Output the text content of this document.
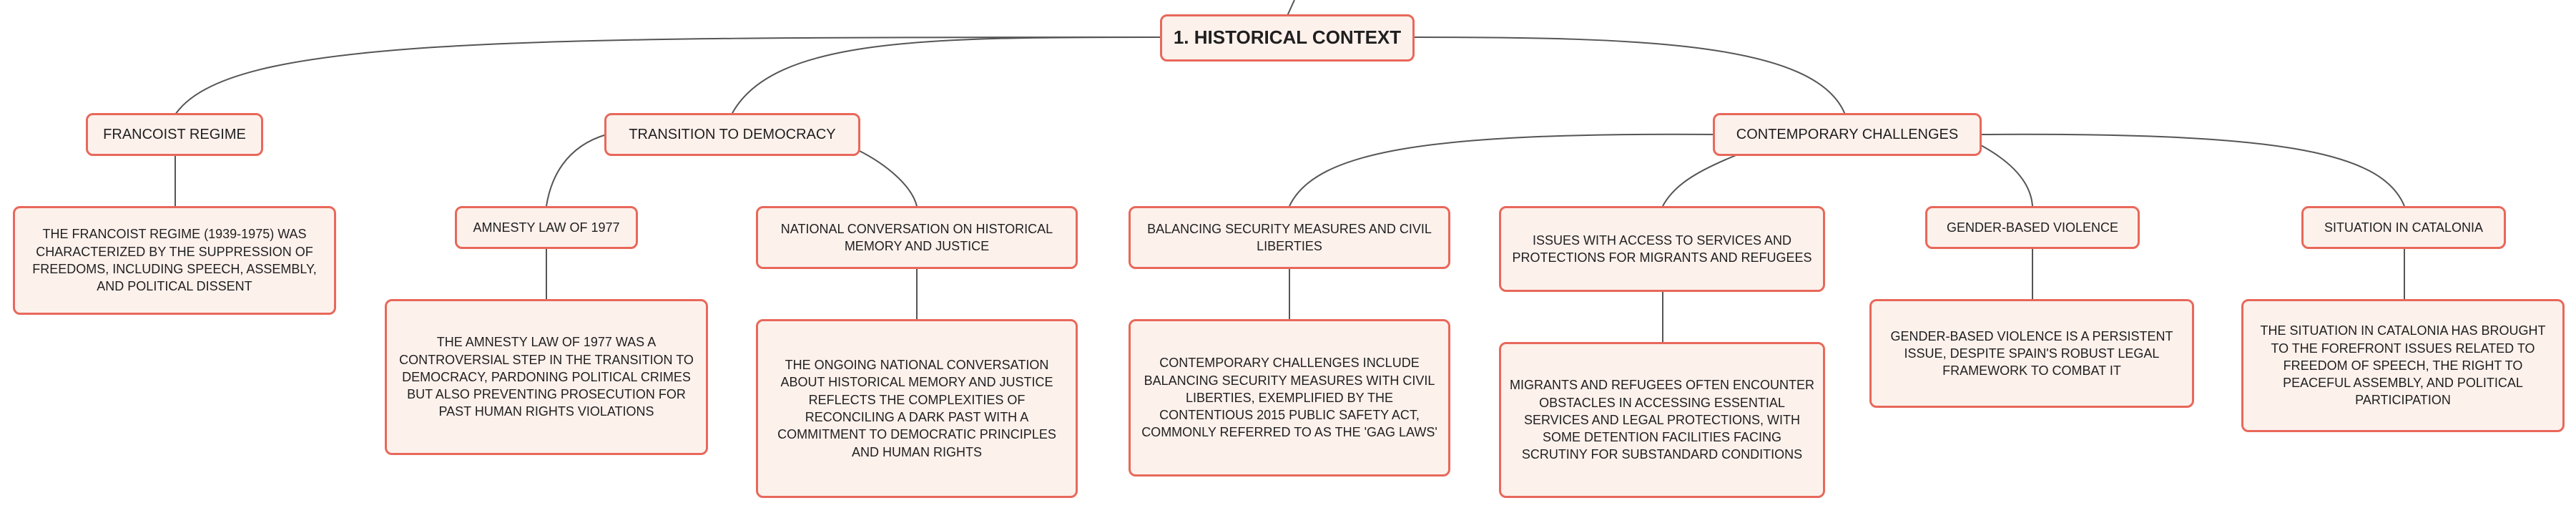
1. HISTORICAL CONTEXT
FRANCOIST REGIME
THE FRANCOIST REGIME (1939-1975) WAS CHARACTERIZED BY THE SUPPRESSION OF FREEDOMS, INCLUDING SPEECH, ASSEMBLY, AND POLITICAL DISSENT
TRANSITION TO DEMOCRACY
AMNESTY LAW OF 1977
THE AMNESTY LAW OF 1977 WAS A CONTROVERSIAL STEP IN THE TRANSITION TO DEMOCRACY, PARDONING POLITICAL CRIMES BUT ALSO PREVENTING PROSECUTION FOR PAST HUMAN RIGHTS VIOLATIONS
NATIONAL CONVERSATION ON HISTORICAL MEMORY AND JUSTICE
THE ONGOING NATIONAL CONVERSATION ABOUT HISTORICAL MEMORY AND JUSTICE REFLECTS THE COMPLEXITIES OF RECONCILING A DARK PAST WITH A COMMITMENT TO DEMOCRATIC PRINCIPLES AND HUMAN RIGHTS
CONTEMPORARY CHALLENGES
BALANCING SECURITY MEASURES AND CIVIL LIBERTIES
CONTEMPORARY CHALLENGES INCLUDE BALANCING SECURITY MEASURES WITH CIVIL LIBERTIES, EXEMPLIFIED BY THE CONTENTIOUS 2015 PUBLIC SAFETY ACT, COMMONLY REFERRED TO AS THE 'GAG LAWS'
ISSUES WITH ACCESS TO SERVICES AND PROTECTIONS FOR MIGRANTS AND REFUGEES
MIGRANTS AND REFUGEES OFTEN ENCOUNTER OBSTACLES IN ACCESSING ESSENTIAL SERVICES AND LEGAL PROTECTIONS, WITH SOME DETENTION FACILITIES FACING SCRUTINY FOR SUBSTANDARD CONDITIONS
GENDER-BASED VIOLENCE
GENDER-BASED VIOLENCE IS A PERSISTENT ISSUE, DESPITE SPAIN'S ROBUST LEGAL FRAMEWORK TO COMBAT IT
SITUATION IN CATALONIA
THE SITUATION IN CATALONIA HAS BROUGHT TO THE FOREFRONT ISSUES RELATED TO FREEDOM OF SPEECH, THE RIGHT TO PEACEFUL ASSEMBLY, AND POLITICAL PARTICIPATION
